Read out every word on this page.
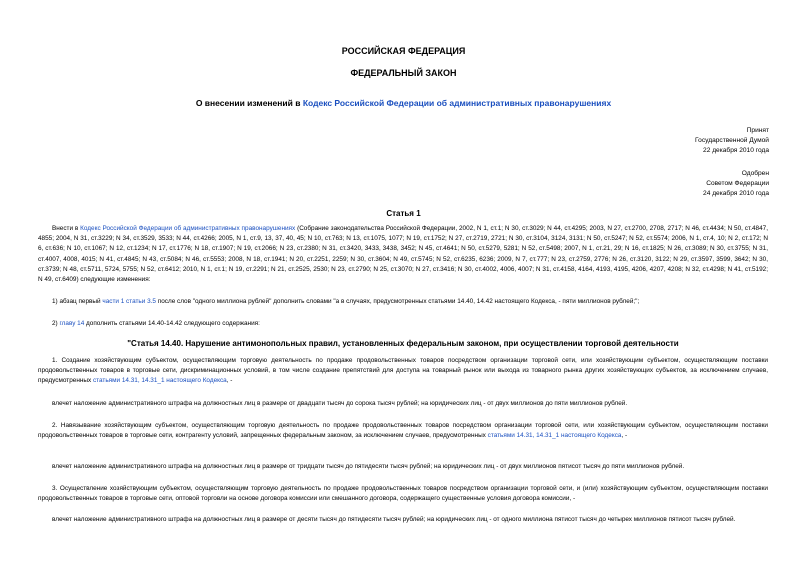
РОССИЙСКАЯ ФЕДЕРАЦИЯ
ФЕДЕРАЛЬНЫЙ ЗАКОН
О внесении изменений в Кодекс Российской Федерации об административных правонарушениях
Принят
Государственной Думой
22 декабря 2010 года
Одобрен
Советом Федерации
24 декабря 2010 года
Статья 1
Внести в Кодекс Российской Федерации об административных правонарушениях (Собрание законодательства Российской Федерации, 2002, N 1, ст.1; N 30, ст.3029; N 44, ст.4295; 2003, N 27, ст.2700, 2708, 2717; N 46, ст.4434; N 50, ст.4847, 4855; 2004, N 31, ст.3229; N 34, ст.3529, 3533; N 44, ст.4266; 2005, N 1, ст.9, 13, 37, 40, 45; N 10, ст.763; N 13, ст.1075, 1077; N 19, ст.1752; N 27, ст.2719, 2721; N 30, ст.3104, 3124, 3131; N 50, ст.5247; N 52, ст.5574; 2006, N 1, ст.4, 10; N 2, ст.172; N 6, ст.636; N 10, ст.1067; N 12, ст.1234; N 17, ст.1776; N 18, ст.1907; N 19, ст.2066; N 23, ст.2380; N 31, ст.3420, 3433, 3438, 3452; N 45, ст.4641; N 50, ст.5279, 5281; N 52, ст.5498; 2007, N 1, ст.21, 29; N 16, ст.1825; N 26, ст.3089; N 30, ст.3755; N 31, ст.4007, 4008, 4015; N 41, ст.4845; N 43, ст.5084; N 46, ст.5553; 2008, N 18, ст.1941; N 20, ст.2251, 2259; N 30, ст.3604; N 49, ст.5745; N 52, ст.6235, 6236; 2009, N 7, ст.777; N 23, ст.2759, 2776; N 26, ст.3120, 3122; N 29, ст.3597, 3599, 3642; N 30, ст.3739; N 48, ст.5711, 5724, 5755; N 52, ст.6412; 2010, N 1, ст.1; N 19, ст.2291; N 21, ст.2525, 2530; N 23, ст.2790; N 25, ст.3070; N 27, ст.3416; N 30, ст.4002, 4006, 4007; N 31, ст.4158, 4164, 4193, 4195, 4206, 4207, 4208; N 32, ст.4298; N 41, ст.5192; N 49, ст.6409) следующие изменения:
1) абзац первый части 1 статьи 3.5 после слов "одного миллиона рублей" дополнить словами "а в случаях, предусмотренных статьями 14.40, 14.42 настоящего Кодекса, - пяти миллионов рублей;";
2) главу 14 дополнить статьями 14.40-14.42 следующего содержания:
"Статья 14.40. Нарушение антимонопольных правил, установленных федеральным законом, при осуществлении торговой деятельности
1. Создание хозяйствующим субъектом, осуществляющим торговую деятельность по продаже продовольственных товаров посредством организации торговой сети, или хозяйствующим субъектом, осуществляющим поставки продовольственных товаров в торговые сети, дискриминационных условий, в том числе создание препятствий для доступа на товарный рынок или выхода из товарного рынка других хозяйствующих субъектов, за исключением случаев, предусмотренных статьями 14.31, 14.31_1 настоящего Кодекса, -
влечет наложение административного штрафа на должностных лиц в размере от двадцати тысяч до сорока тысяч рублей; на юридических лиц - от двух миллионов до пяти миллионов рублей.
2. Навязывание хозяйствующим субъектом, осуществляющим торговую деятельность по продаже продовольственных товаров посредством организации торговой сети, или хозяйствующим субъектом, осуществляющим поставки продовольственных товаров в торговые сети, контрагенту условий, запрещенных федеральным законом, за исключением случаев, предусмотренных статьями 14.31, 14.31_1 настоящего Кодекса, -
влечет наложение административного штрафа на должностных лиц в размере от тридцати тысяч до пятидесяти тысяч рублей; на юридических лиц - от двух миллионов пятисот тысяч до пяти миллионов рублей.
3. Осуществление хозяйствующим субъектом, осуществляющим торговую деятельность по продаже продовольственных товаров посредством организации торговой сети, и (или) хозяйствующим субъектом, осуществляющим поставки продовольственных товаров в торговые сети, оптовой торговли на основе договора комиссии или смешанного договора, содержащего существенные условия договора комиссии, -
влечет наложение административного штрафа на должностных лиц в размере от десяти тысяч до пятидесяти тысяч рублей; на юридических лиц - от одного миллиона пятисот тысяч до четырех миллионов пятисот тысяч рублей.
